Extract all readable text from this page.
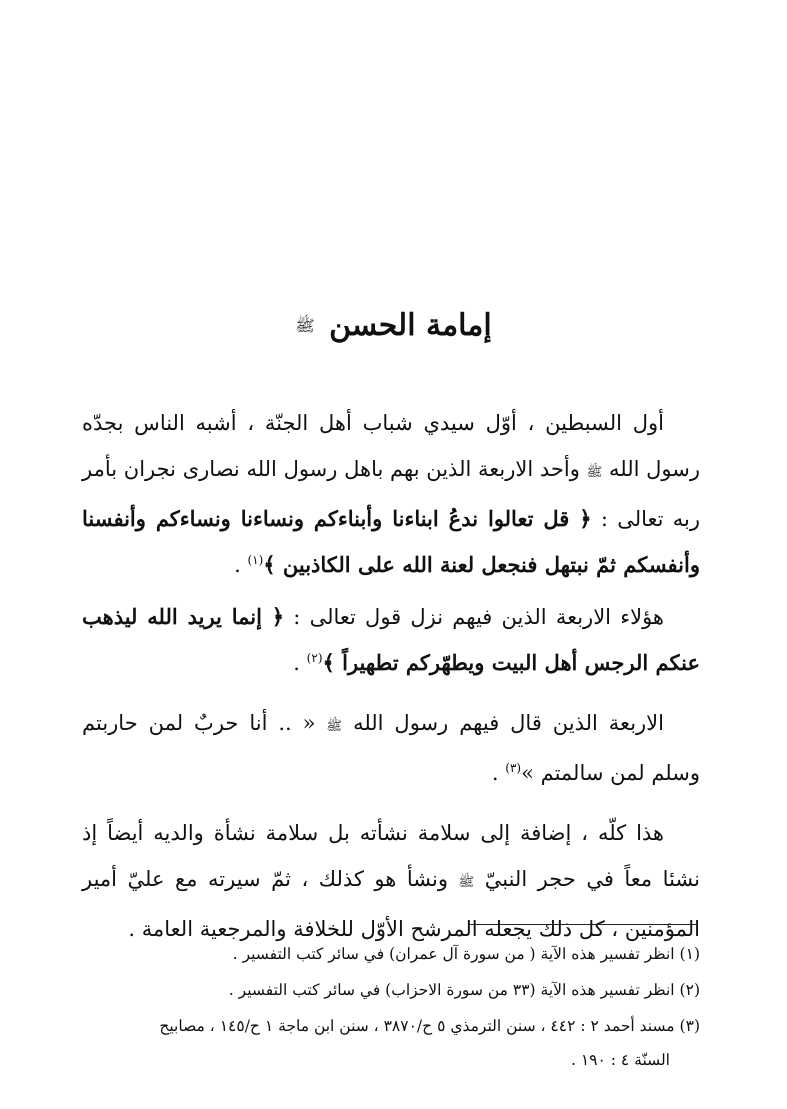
إمامة الحسن ﷺ

أول السبطين ، أوّل سيدي شباب أهل الجنّة ، أشبه الناس بجدّه رسول الله ﷺ وأحد الاربعة الذين بهم باهل رسول الله نصارى نجران بأمر ربه تعالى : ﴿ قل تعالوا ندعُ ابناءنا وأبناءكم ونساءنا ونساءكم وأنفسنا وأنفسكم ثمّ نبتهل فنجعل لعنة الله على الكاذبين ﴾$^{(١)}$ .

هؤلاء الاربعة الذين فيهم نزل قول تعالى : ﴿ إنما يريد الله ليذهب عنكم الرجس أهل البيت ويطهّركم تطهيراً ﴾$^{(٢)}$ .

الاربعة الذين قال فيهم رسول الله ﷺ « .. أنا حربٌ لمن حاربتم وسلم لمن سالمتم »$^{(٣)}$ .

هذا كلّه ، إضافة إلى سلامة نشأته بل سلامة نشأة والديه أيضاً إذ نشئا معاً في حجر النبيّ ﷺ ونشأ هو كذلك ، ثمّ سيرته مع عليّ أمير المؤمنين ، كل ذلك يجعله المرشح الأوّل للخلافة والمرجعية العامة .

(١) انظر تفسير هذه الآية ( من سورة آل عمران) في سائر كتب التفسير .

(٢) انظر تفسير هذه الآية (٣٣ من سورة الاحزاب) في سائر كتب التفسير .

(٣) مسند أحمد ٢ : ٤٤٢ ، سنن الترمذي ٥ ح/٣٨٧٠ ، سنن ابن ماجة ١ ح/١٤٥ ، مصابيح
السنّة ٤ : ١٩٠ .
